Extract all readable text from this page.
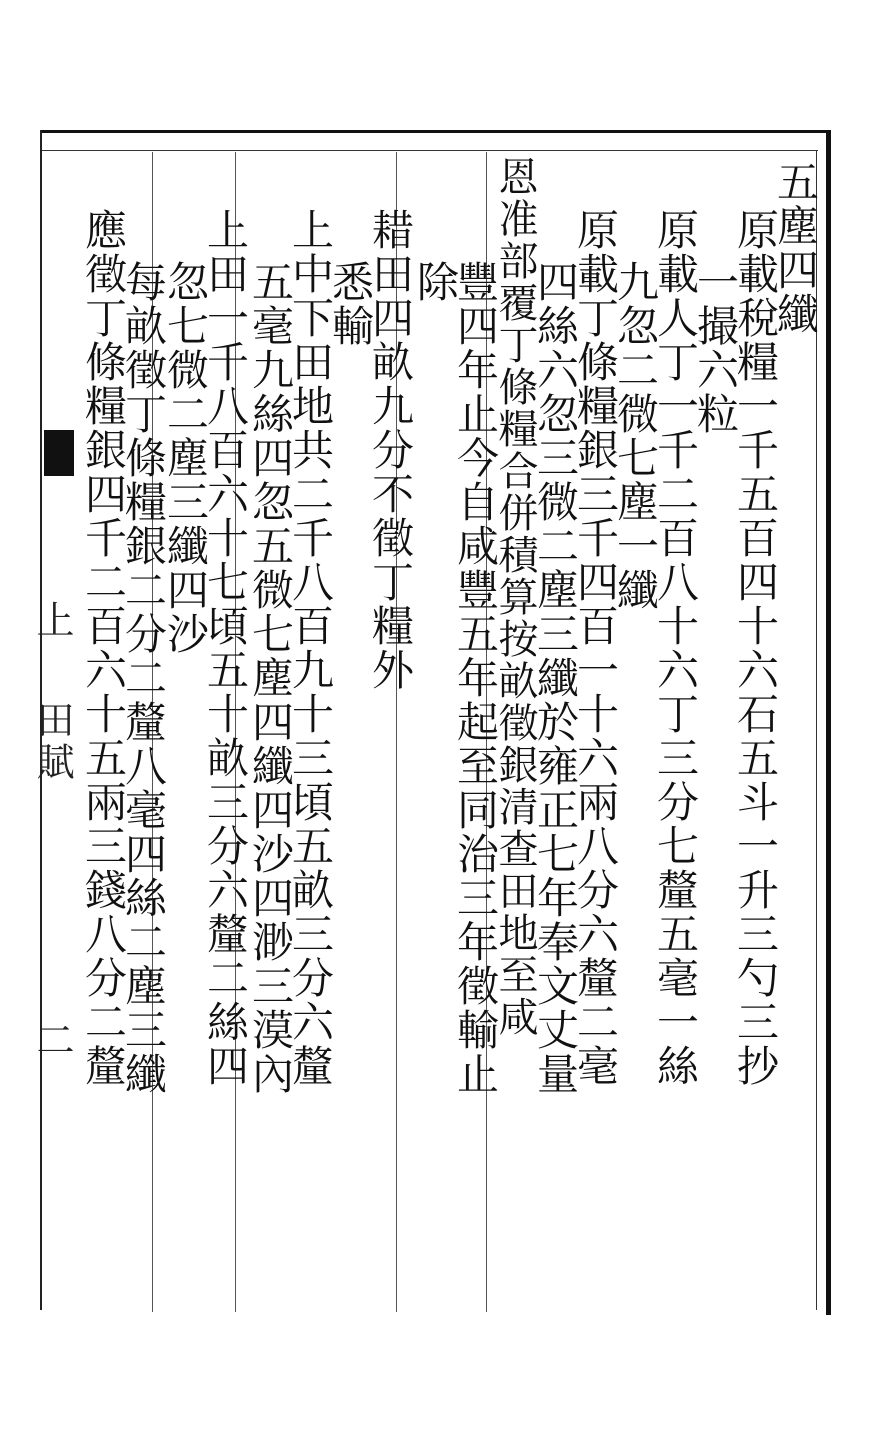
五塵四纖
原載稅糧一千五百四十六石五斗一升三勺三抄
一撮六粒
原載人丁一千二百八十六丁三分七釐五毫一絲
九忽二微七塵一纖
原載丁條糧銀三千四百一十六兩八分六釐二毫
四絲六忽三微二塵三纖於雍正七年奉文丈量
恩准部覆丁條糧合併積算按畝徵銀清查田地至咸
豐四年止今自咸豐五年起至同治三年徵輸止
除
耤田四畝九分不徵丁糧外
悉輸
上中下田地共二千八百九十三頃五畝三分六釐
五毫九絲四忽五微七塵四纖四沙四渺三漠內
上田一千八百六十七頃五十畝三分六釐二絲四
忽七微二塵三纖四沙
每畝徵丁條糧銀二分二釐八毫四絲二塵三纖
應徵丁條糧銀四千二百六十五兩三錢八分二釐
上
田賦
二
